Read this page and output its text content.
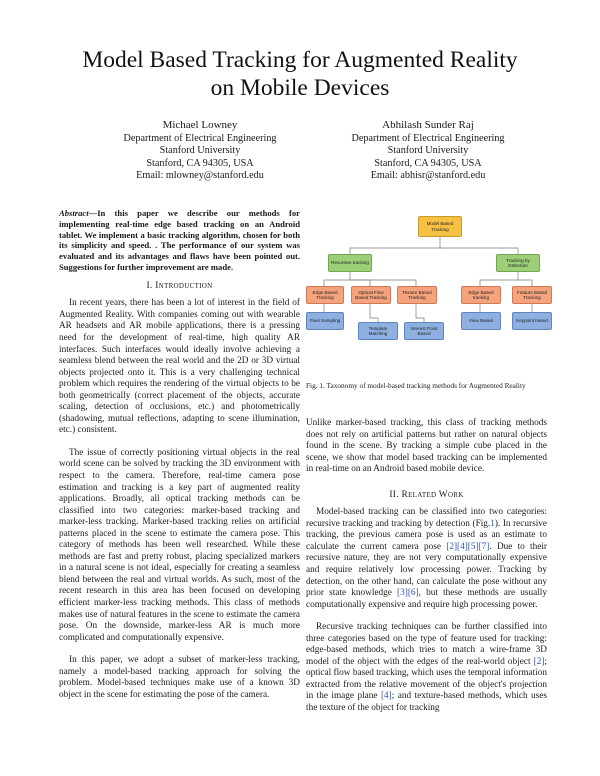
Model Based Tracking for Augmented Reality
on Mobile Devices
Michael Lowney
Department of Electrical Engineering
Stanford University
Stanford, CA 94305, USA
Email: mlowney@stanford.edu
Abhilash Sunder Raj
Department of Electrical Engineering
Stanford University
Stanford, CA 94305, USA
Email: abhisr@stanford.edu

Abstract—In this paper we describe our methods for implementing real-time edge based tracking on an Android tablet. We implement a basic tracking algorithm, chosen for both its simplicity and speed. . The performance of our system was evaluated and its advantages and flaws have been pointed out. Suggestions for further improvement are made.

I. Introduction

In recent years, there has been a lot of interest in the field of Augmented Reality. With companies coming out with wearable AR headsets and AR mobile applications, there is a pressing need for the development of real-time, high quality AR interfaces. Such interfaces would ideally involve achieving a seamless blend between the real world and the 2D or 3D virtual objects projected onto it. This is a very challenging technical problem which requires the rendering of the virtual objects to be both geometrically (correct placement of the objects, accurate scaling, detection of occlusions, etc.) and photometrically (shadowing, mutual reflections, adapting to scene illumination, etc.) consistent.

The issue of correctly positioning virtual objects in the real world scene can be solved by tracking the 3D environment with respect to the camera. Therefore, real-time camera pose estimation and tracking is a key part of augmented reality applications. Broadly, all optical tracking methods can be classified into two categories: marker-based tracking and marker-less tracking. Marker-based tracking relies on artificial patterns placed in the scene to estimate the camera pose. This category of methods has been well researched. While these methods are fast and pretty robust, placing specialized markers in a natural scene is not ideal, especially for creating a seamless blend between the real and virtual worlds. As such, most of the recent research in this area has been focused on developing efficient marker-less tracking methods. This class of methods makes use of natural features in the scene to estimate the camera pose. On the downside, marker-less AR is much more complicated and computationally expensive.

In this paper, we adopt a subset of marker-less tracking, namely a model-based tracking approach for solving the problem. Model-based techniques make use of a known 3D object in the scene for estimating the pose of the camera.

Model Based Tracking
Recursive tracking
Tracking by Detection
Edge Based Tracking
Optical Flow Based Tracking
Texture Based Tracking
Edge Based tracking
Feature Based Tracking
Pixel Sampling
Template Matching
Interest Point Based
View Based	Keypoint based
Fig. 1. Taxonomy of model-based tracking methods for Augmented Reality

Unlike marker-based tracking, this class of tracking methods does not rely on artificial patterns but rather on natural objects found in the scene. By tracking a simple cube placed in the scene, we show that model based tracking can be implemented in real-time on an Android based mobile device.

II. Related Work

Model-based tracking can be classified into two categories: recursive tracking and tracking by detection (Fig.1). In recursive tracking, the previous camera pose is used as an estimate to calculate the current camera pose [2][4][5][7]. Due to their recursive nature, they are not very computationally expensive and require relatively low processing power. Tracking by detection, on the other hand, can calculate the pose without any prior state knowledge [3][6], but these methods are usually computationally expensive and require high processing power.

Recursive tracking techniques can be further classified into three categories based on the type of feature used for tracking: edge-based methods, which tries to match a wire-frame 3D model of the object with the edges of the real-world object [2]; optical flow based tracking, which uses the temporal information extracted from the relative movement of the object's projection in the image plane [4]; and texture-based methods, which uses the texture of the object for tracking
